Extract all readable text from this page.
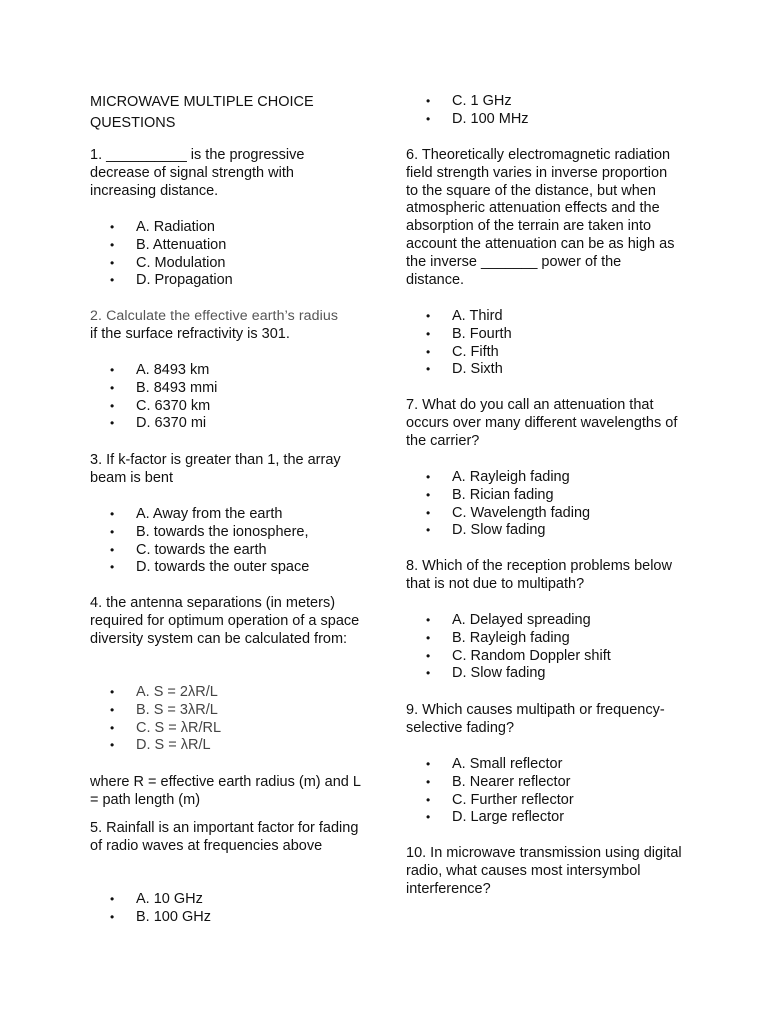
MICROWAVE MULTIPLE CHOICE QUESTIONS
1. __________ is the progressive decrease of signal strength with increasing distance.
• A. Radiation
• B. Attenuation
• C. Modulation
• D. Propagation
2. Calculate the effective earth’s radius
if the surface refractivity is 301.
• A. 8493 km
• B. 8493 mmi
• C. 6370 km
• D. 6370 mi
3. If k-factor is greater than 1, the array beam is bent
• A. Away from the earth
• B. towards the ionosphere,
• C. towards the earth
• D. towards the outer space
4. the antenna separations (in meters) required for optimum operation of a space diversity system can be calculated from:
• A. S = 2λR/L
• B. S = 3λR/L
• C. S = λR/RL
• D. S = λR/L
where R = effective earth radius (m) and L = path length (m)
5. Rainfall is an important factor for fading of radio waves at frequencies above
• A. 10 GHz
• B. 100 GHz
• C. 1 GHz
• D. 100 MHz
6. Theoretically electromagnetic radiation field strength varies in inverse proportion to the square of the distance, but when atmospheric attenuation effects and the absorption of the terrain are taken into account the attenuation can be as high as the inverse _______ power of the distance.
• A. Third
• B. Fourth
• C. Fifth
• D. Sixth
7. What do you call an attenuation that occurs over many different wavelengths of the carrier?
• A. Rayleigh fading
• B. Rician fading
• C. Wavelength fading
• D. Slow fading
8. Which of the reception problems below that is not due to multipath?
• A. Delayed spreading
• B. Rayleigh fading
• C. Random Doppler shift
• D. Slow fading
9. Which causes multipath or frequency-selective fading?
• A. Small reflector
• B. Nearer reflector
• C. Further reflector
• D. Large reflector
10. In microwave transmission using digital radio, what causes most intersymbol interference?
